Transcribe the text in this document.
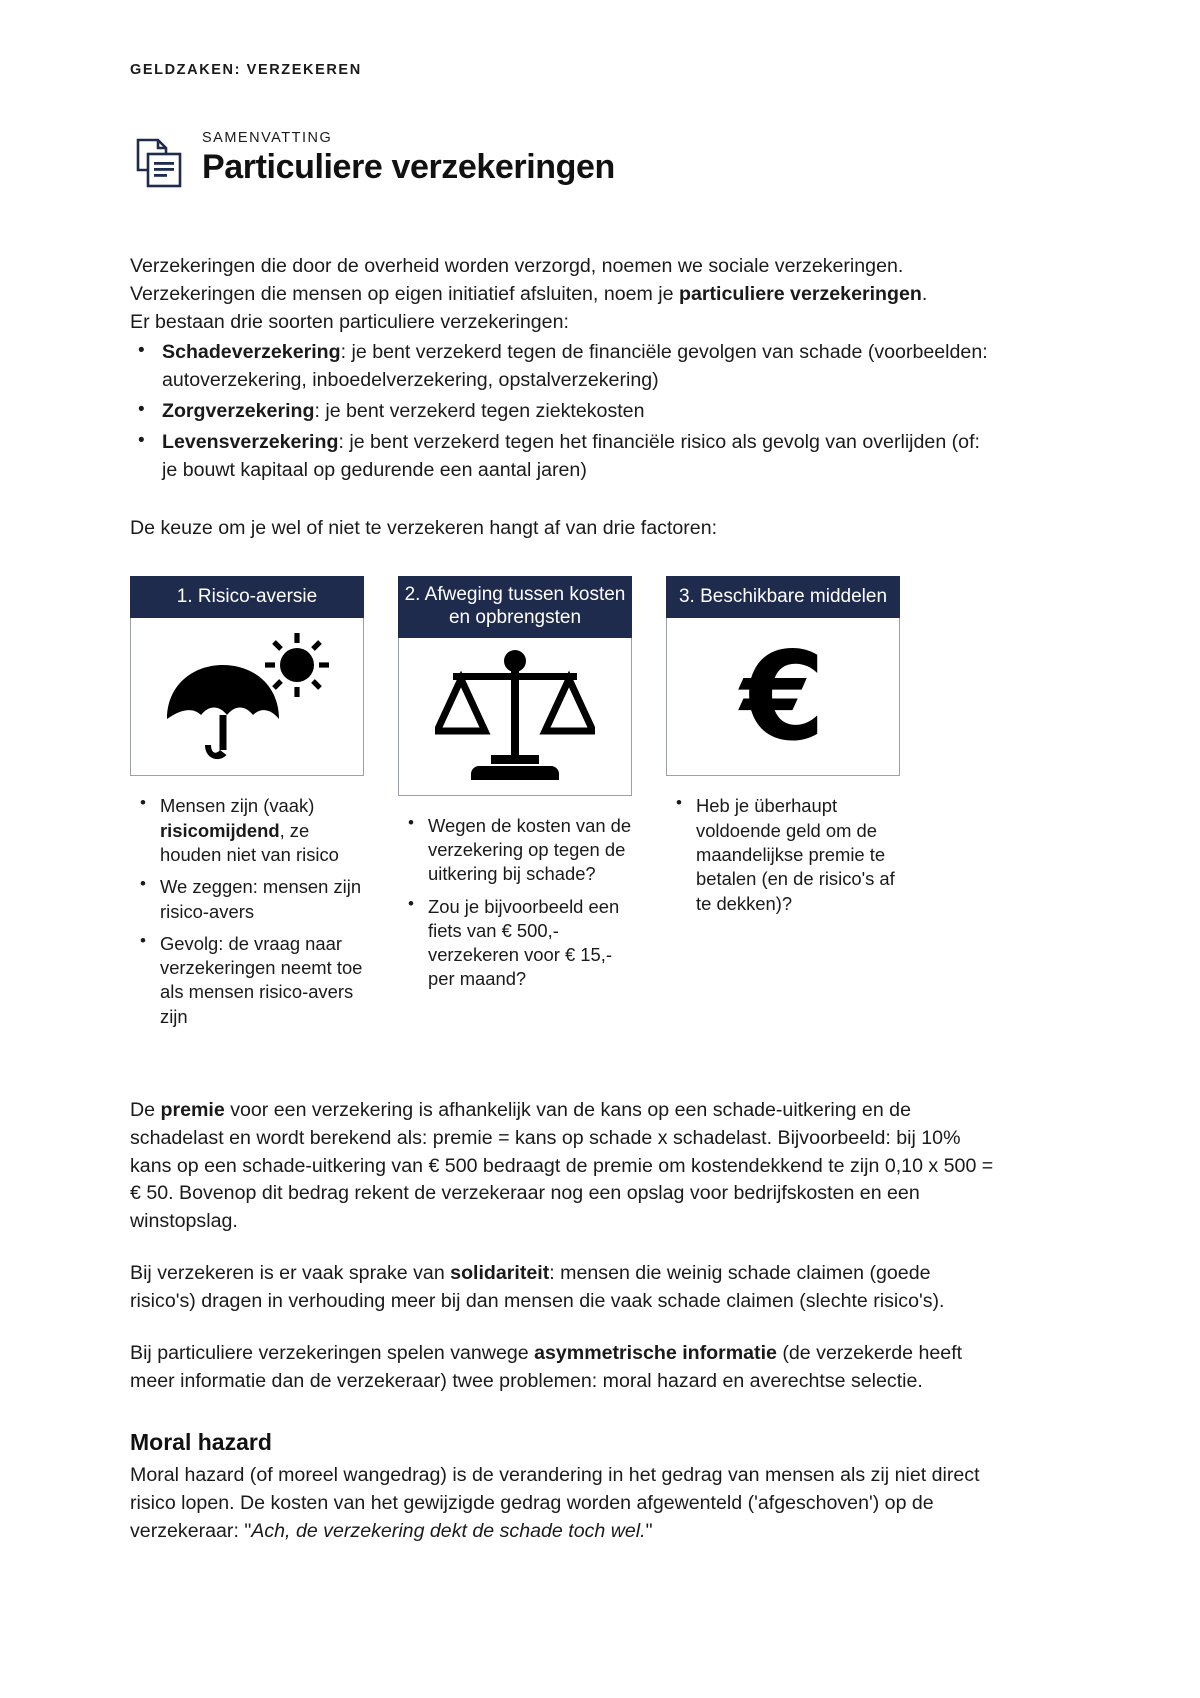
GELDZAKEN: VERZEKEREN
SAMENVATTING
Particuliere verzekeringen
Verzekeringen die door de overheid worden verzorgd, noemen we sociale verzekeringen.
Verzekeringen die mensen op eigen initiatief afsluiten, noem je particuliere verzekeringen.
Er bestaan drie soorten particuliere verzekeringen:
• Schadeverzekering: je bent verzekerd tegen de financiële gevolgen van schade (voorbeelden: autoverzekering, inboedelverzekering, opstalverzekering)
• Zorgverzekering: je bent verzekerd tegen ziektekosten
• Levensverzekering: je bent verzekerd tegen het financiële risico als gevolg van overlijden (of: je bouwt kapitaal op gedurende een aantal jaren)
De keuze om je wel of niet te verzekeren hangt af van drie factoren:
1. Risico-aversie
• Mensen zijn (vaak) risicomijdend, ze houden niet van risico
• We zeggen: mensen zijn risico-avers
• Gevolg: de vraag naar verzekeringen neemt toe als mensen risico-avers zijn
2. Afweging tussen kosten en opbrengsten
• Wegen de kosten van de verzekering op tegen de uitkering bij schade?
• Zou je bijvoorbeeld een fiets van € 500,- verzekeren voor € 15,- per maand?
3. Beschikbare middelen
€
• Heb je überhaupt voldoende geld om de maandelijkse premie te betalen (en de risico's af te dekken)?
De premie voor een verzekering is afhankelijk van de kans op een schade-uitkering en de schadelast en wordt berekend als: premie = kans op schade x schadelast. Bijvoorbeeld: bij 10% kans op een schade-uitkering van € 500 bedraagt de premie om kostendekkend te zijn 0,10 x 500 = € 50. Bovenop dit bedrag rekent de verzekeraar nog een opslag voor bedrijfskosten en een winstopslag.
Bij verzekeren is er vaak sprake van solidariteit: mensen die weinig schade claimen (goede risico's) dragen in verhouding meer bij dan mensen die vaak schade claimen (slechte risico's).
Bij particuliere verzekeringen spelen vanwege asymmetrische informatie (de verzekerde heeft meer informatie dan de verzekeraar) twee problemen: moral hazard en averechtse selectie.
Moral hazard
Moral hazard (of moreel wangedrag) is de verandering in het gedrag van mensen als zij niet direct risico lopen. De kosten van het gewijzigde gedrag worden afgewenteld ('afgeschoven') op de verzekeraar: "Ach, de verzekering dekt de schade toch wel."
